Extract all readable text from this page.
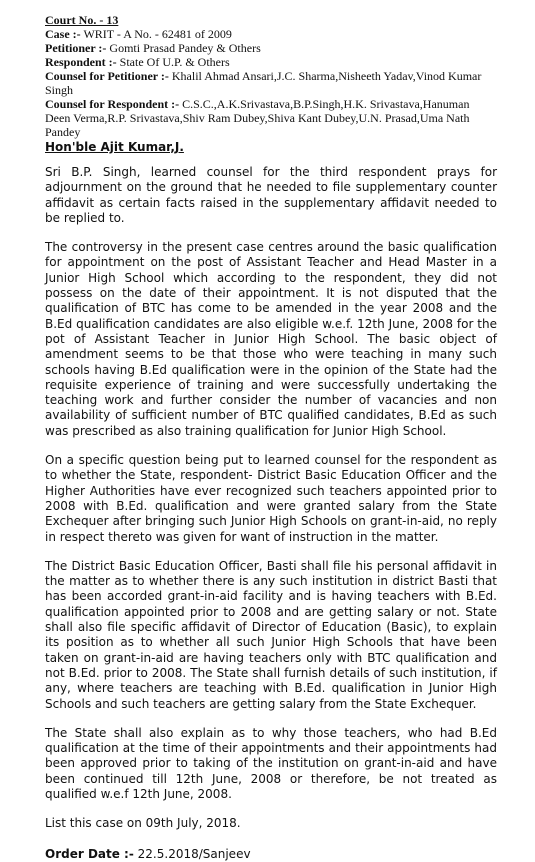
Court No. - 13

Case :- WRIT - A No. - 62481 of 2009

Petitioner :- Gomti Prasad Pandey & Others

Respondent :- State Of U.P. & Others

Counsel for Petitioner :- Khalil Ahmad Ansari,J.C. Sharma,Nisheeth Yadav,Vinod Kumar Singh

Counsel for Respondent :- C.S.C.,A.K.Srivastava,B.P.Singh,H.K. Srivastava,Hanuman Deen Verma,R.P. Srivastava,Shiv Ram Dubey,Shiva Kant Dubey,U.N. Prasad,Uma Nath Pandey

Hon'ble Ajit Kumar,J.

Sri B.P. Singh, learned counsel for the third respondent prays for adjournment on the ground that he needed to file supplementary counter affidavit as certain facts raised in the supplementary affidavit needed to be replied to.

The controversy in the present case centres around the basic qualification for appointment on the post of Assistant Teacher and Head Master in a Junior High School which according to the respondent, they did not possess on the date of their appointment. It is not disputed that the qualification of BTC has come to be amended in the year 2008 and the B.Ed qualification candidates are also eligible w.e.f. 12th June, 2008 for the pot of Assistant Teacher in Junior High School. The basic object of amendment seems to be that those who were teaching in many such schools having B.Ed qualification were in the opinion of the State had the requisite experience of training and were successfully undertaking the teaching work and further consider the number of vacancies and non availability of sufficient number of BTC qualified candidates, B.Ed as such was prescribed as also training qualification for Junior High School.

On a specific question being put to learned counsel for the respondent as to whether the State, respondent- District Basic Education Officer and the Higher Authorities have ever recognized such teachers appointed prior to 2008 with B.Ed. qualification and were granted salary from the State Exchequer after bringing such Junior High Schools on grant-in-aid, no reply in respect thereto was given for want of instruction in the matter.

The District Basic Education Officer, Basti shall file his personal affidavit in the matter as to whether there is any such institution in district Basti that has been accorded grant-in-aid facility and is having teachers with B.Ed. qualification appointed prior to 2008 and are getting salary or not. State shall also file specific affidavit of Director of Education (Basic), to explain its position as to whether all such Junior High Schools that have been taken on grant-in-aid are having teachers only with BTC qualification and not B.Ed. prior to 2008. The State shall furnish details of such institution, if any, where teachers are teaching with B.Ed. qualification in Junior High Schools and such teachers are getting salary from the State Exchequer.

The State shall also explain as to why those teachers, who had B.Ed qualification at the time of their appointments and their appointments had been approved prior to taking of the institution on grant-in-aid and have been continued till 12th June, 2008 or therefore, be not treated as qualified w.e.f 12th June, 2008.

List this case on 09th July, 2018.

Order Date :- 22.5.2018/Sanjeev
